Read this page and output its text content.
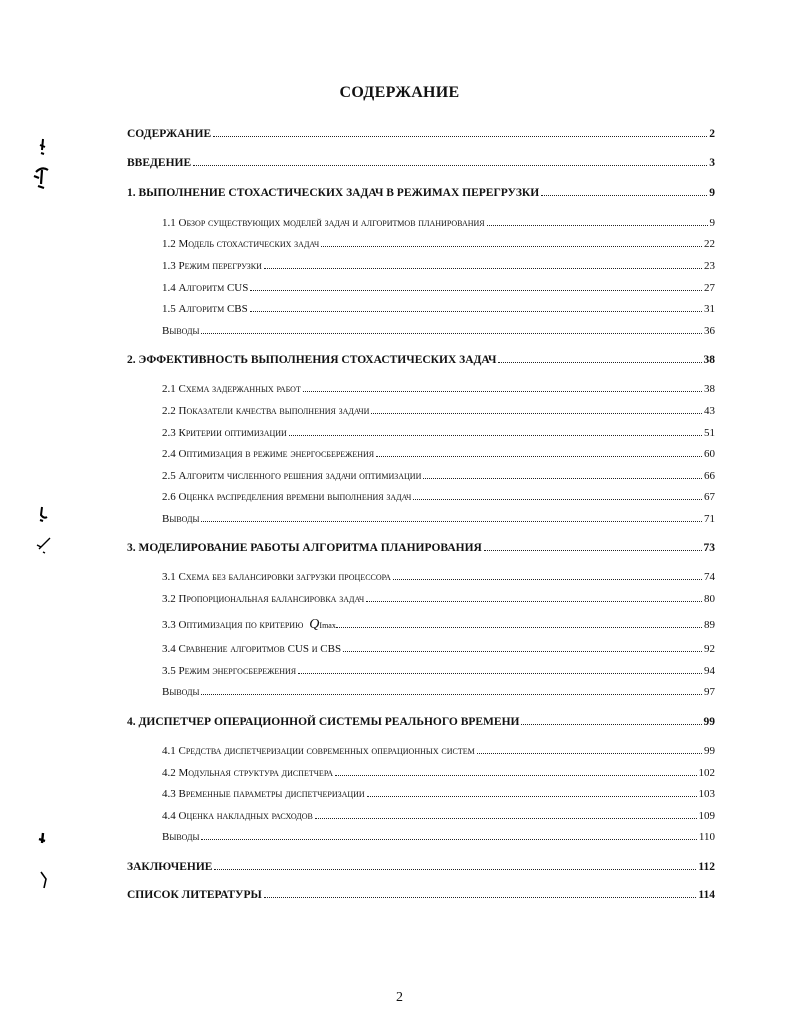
СОДЕРЖАНИЕ
СОДЕРЖАНИЕ	2
ВВЕДЕНИЕ	3
1. ВЫПОЛНЕНИЕ СТОХАСТИЧЕСКИХ ЗАДАЧ В РЕЖИМАХ ПЕРЕГРУЗКИ	9
1.1 Обзор существующих моделей задач и алгоритмов планирования	9
1.2 Модель стохастических задач	22
1.3 Режим перегрузки	23
1.4 Алгоритм CUS	27
1.5 Алгоритм CBS	31
Выводы	36
2. ЭФФЕКТИВНОСТЬ ВЫПОЛНЕНИЯ СТОХАСТИЧЕСКИХ ЗАДАЧ	38
2.1 Схема задержанных работ	38
2.2 Показатели качества выполнения задачи	43
2.3 Критерии оптимизации	51
2.4 Оптимизация в режиме энергосбережения	60
2.5 Алгоритм численного решения задачи оптимизации	66
2.6 Оценка распределения времени выполнения задач	67
Выводы	71
3. МОДЕЛИРОВАНИЕ РАБОТЫ АЛГОРИТМА ПЛАНИРОВАНИЯ	73
3.1 Схема без балансировки загрузки процессора	74
3.2 Пропорциональная балансировка задач	80
3.3 Оптимизация по критерию Q Imax	89
3.4 Сравнение алгоритмов CUS и CBS	92
3.5 Режим энергосбережения	94
Выводы	97
4. ДИСПЕТЧЕР ОПЕРАЦИОННОЙ СИСТЕМЫ РЕАЛЬНОГО ВРЕМЕНИ	99
4.1 Средства диспетчеризации современных операционных систем	99
4.2 Модульная структура диспетчера	102
4.3 Временные параметры диспетчеризации	103
4.4 Оценка накладных расходов	109
Выводы	110
ЗАКЛЮЧЕНИЕ	112
СПИСОК ЛИТЕРАТУРЫ	114
2
